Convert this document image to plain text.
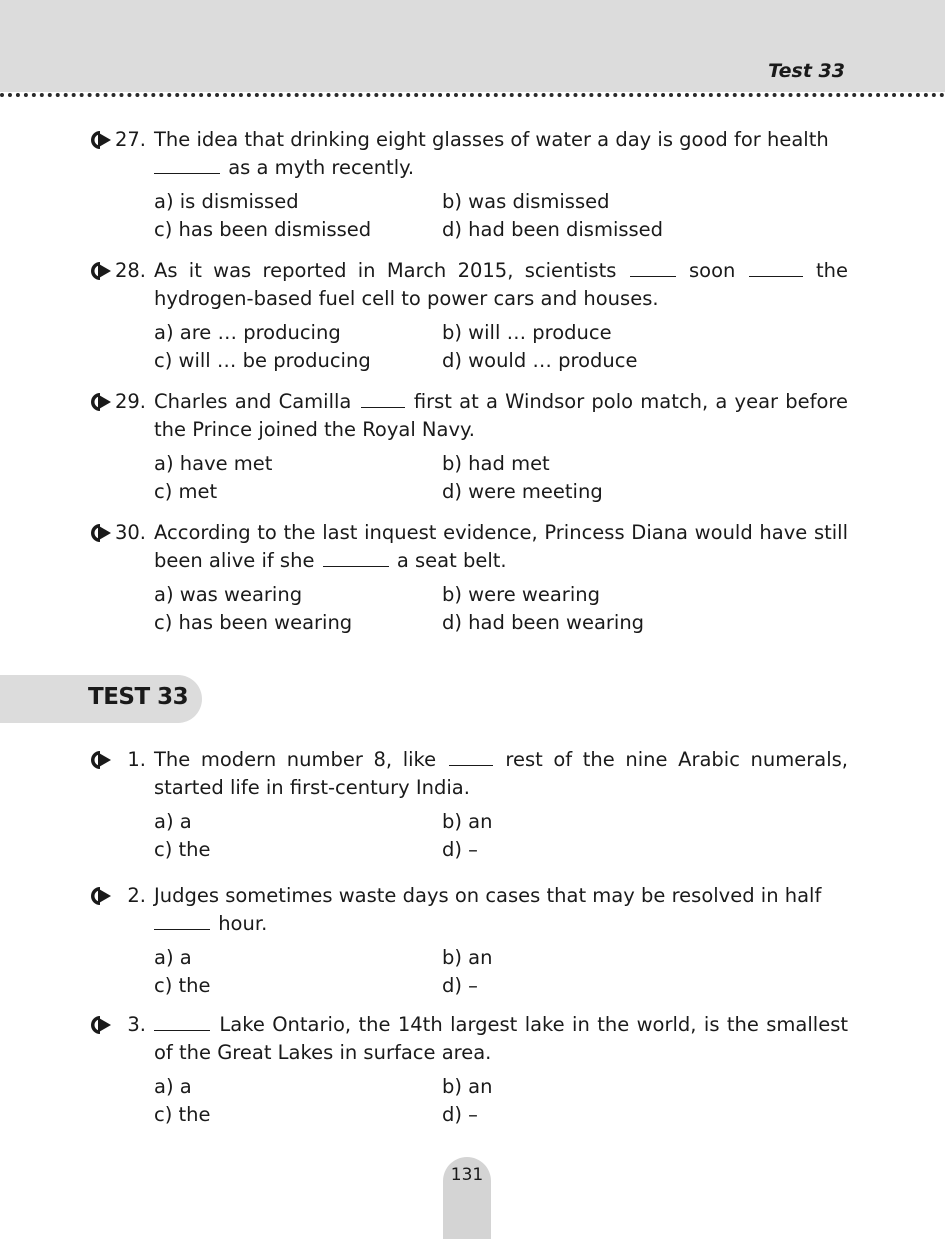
Test 33
27. The idea that drinking eight glasses of water a day is good for health
as a myth recently.
a) is dismissed	b) was dismissed
c) has been dismissed	d) had been dismissed
28. As it was reported in March 2015, scientists	soon	the hydrogen-based fuel cell to power cars and houses.
a) are … producing	b) will … produce
c) will … be producing	d) would … produce
29. Charles and Camilla	first at a Windsor polo match, a year before the Prince joined the Royal Navy.
a) have met	b) had met
c) met	d) were meeting
30. According to the last inquest evidence, Princess Diana would have still been alive if she	a seat belt.
a) was wearing	b) were wearing
c) has been wearing	d) had been wearing
TEST 33
1. The modern number 8, like	rest of the nine Arabic numerals, started life in first-century India.
a) a	b) an
c) the	d) –
2. Judges sometimes waste days on cases that may be resolved in half
hour.
a) a	b) an
c) the	d) –
3.	Lake Ontario, the 14th largest lake in the world, is the smallest of the Great Lakes in surface area.
a) a	b) an
c) the	d) –
131
